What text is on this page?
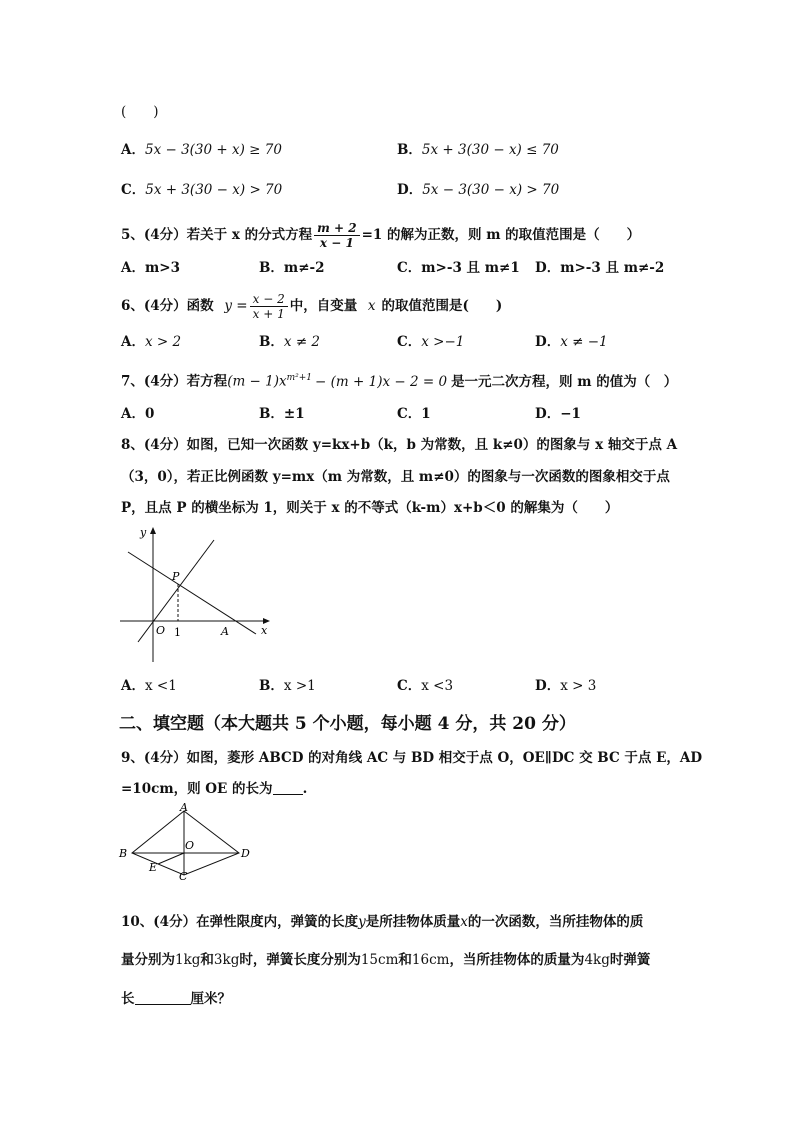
(　　)
A．5x − 3(30 + x) ≥ 70	B．5x + 3(30 − x) ≤ 70
C．5x + 3(30 − x) > 70	D．5x − 3(30 − x) > 70
5、(4分）若关于 x 的分式方程 $\frac{m + 2}{x - 1} =1$ 的解为正数，则 m 的取值范围是（　　）
A．m>3	B．m≠-2	C．m>-3 且 m≠1 D．m>-3 且 m≠-2
6、(4分）函数 $y = \frac{x - 2}{x + 1}$ 中，自变量 x 的取值范围是(　　)
A．x > 2	B．x ≠ 2	C．x >−1	D．x ≠ −1
7、(4分）若方程$(m - 1)x^{m^2+1} - (m + 1)x - 2 = 0$ 是一元二次方程，则 m 的值为（　）
A．0	B．±1	C．1	D．−1
8、(4分）如图，已知一次函数 y=kx+b（k，b 为常数，且 k≠0）的图象与 x 轴交于点 A
（3，0），若正比例函数 y=mx（m 为常数，且 m≠0）的图象与一次函数的图象相交于点
P，且点 P 的横坐标为 1，则关于 x 的不等式（k-m）x+b＜0 的解集为（　　）
y
x
P
O 1	A
A．x <1	B．x >1	C．x <3	D．x > 3
二、填空题（本大题共 5 个小题，每小题 4 分，共 20 分）
9、(4分）如图，菱形 ABCD 的对角线 AC 与 BD 相交于点 O，OE∥DC 交 BC 于点 E，AD
=10cm，则 OE 的长为 .
A
B
C
D
O
E
10、(4分）在弹性限度内，弹簧的长度y是所挂物体质量x的一次函数，当所挂物体的质
量分别为1kg和3kg时，弹簧长度分别为15cm和16cm，当所挂物体的质量为4kg时弹簧
长	厘米？
